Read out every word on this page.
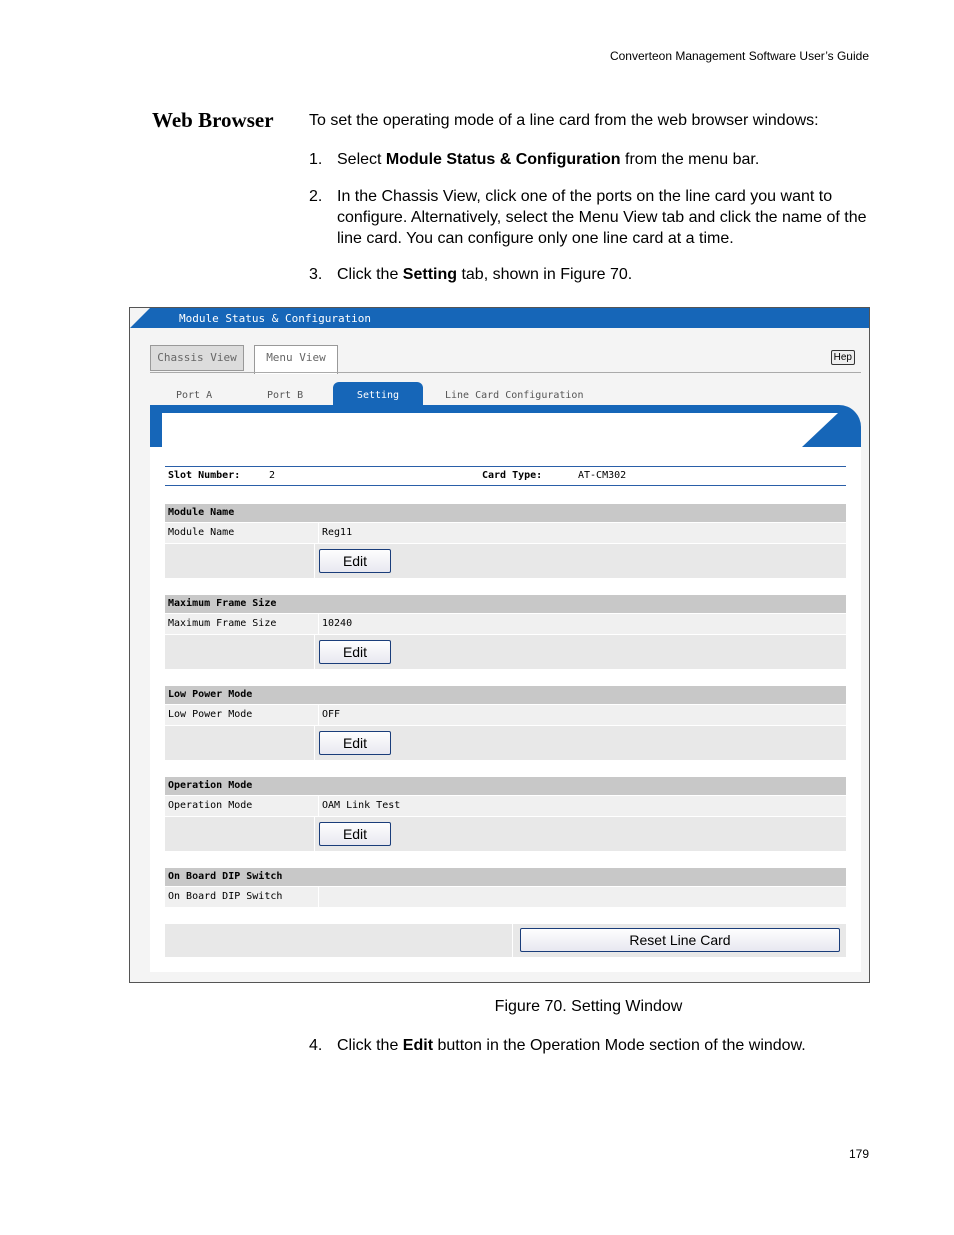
Converteon Management Software User’s Guide
Web Browser To set the operating mode of a line card from the web browser windows:
1. Select Module Status & Configuration from the menu bar.
2. In the Chassis View, click one of the ports on the line card you want to configure. Alternatively, select the Menu View tab and click the name of the line card. You can configure only one line card at a time.
3. Click the Setting tab, shown in Figure 70.
Module Status & Configuration
Chassis View	Menu View	Hep
Port A	Port B	Setting	Line Card Configuration
Slot Number:	2	Card Type:	AT-CM302
Module Name
Module Name	Reg11
Edit
Maximum Frame Size
Maximum Frame Size	10240
Edit
Low Power Mode
Low Power Mode	OFF
Edit
Operation Mode
Operation Mode	OAM Link Test
Edit
On Board DIP Switch
On Board DIP Switch
Reset Line Card
Figure 70. Setting Window
4. Click the Edit button in the Operation Mode section of the window.
179
